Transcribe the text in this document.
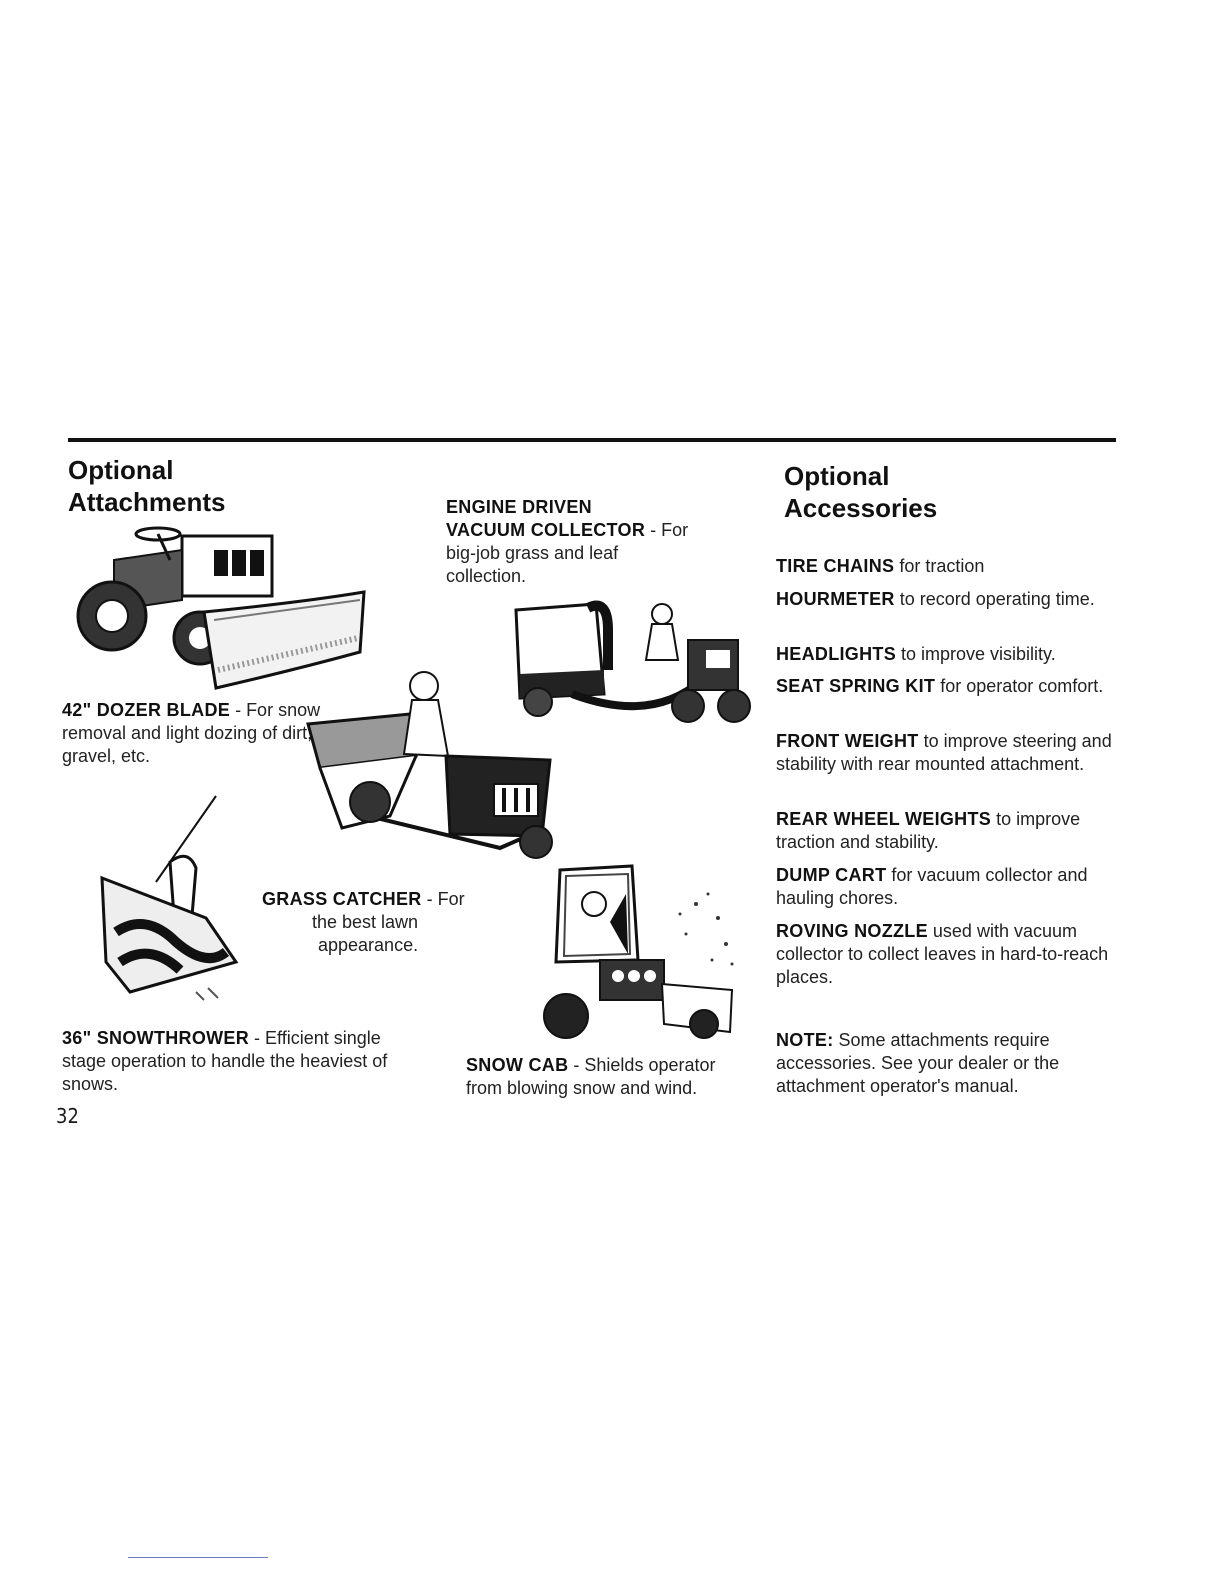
Optional
Attachments
Optional
Accessories
ENGINE DRIVEN
VACUUM COLLECTOR - For
big-job grass and leaf collection.
42" DOZER BLADE - For snow removal and light dozing of dirt, gravel, etc.
GRASS CATCHER - For
the best lawn
appearance.
36" SNOWTHROWER - Efficient single stage operation to handle the heaviest of snows.
SNOW CAB - Shields operator from blowing snow and wind.
TIRE CHAINS for traction
HOURMETER to record operating time.
HEADLIGHTS to improve visibility.
SEAT SPRING KIT for operator comfort.
FRONT WEIGHT to improve steering and stability with rear mounted attachment.
REAR WHEEL WEIGHTS to improve traction and stability.
DUMP CART for vacuum collector and hauling chores.
ROVING NOZZLE used with vacuum collector to collect leaves in hard-to-reach places.
NOTE: Some attachments require accessories. See your dealer or the attachment operator's manual.
32
